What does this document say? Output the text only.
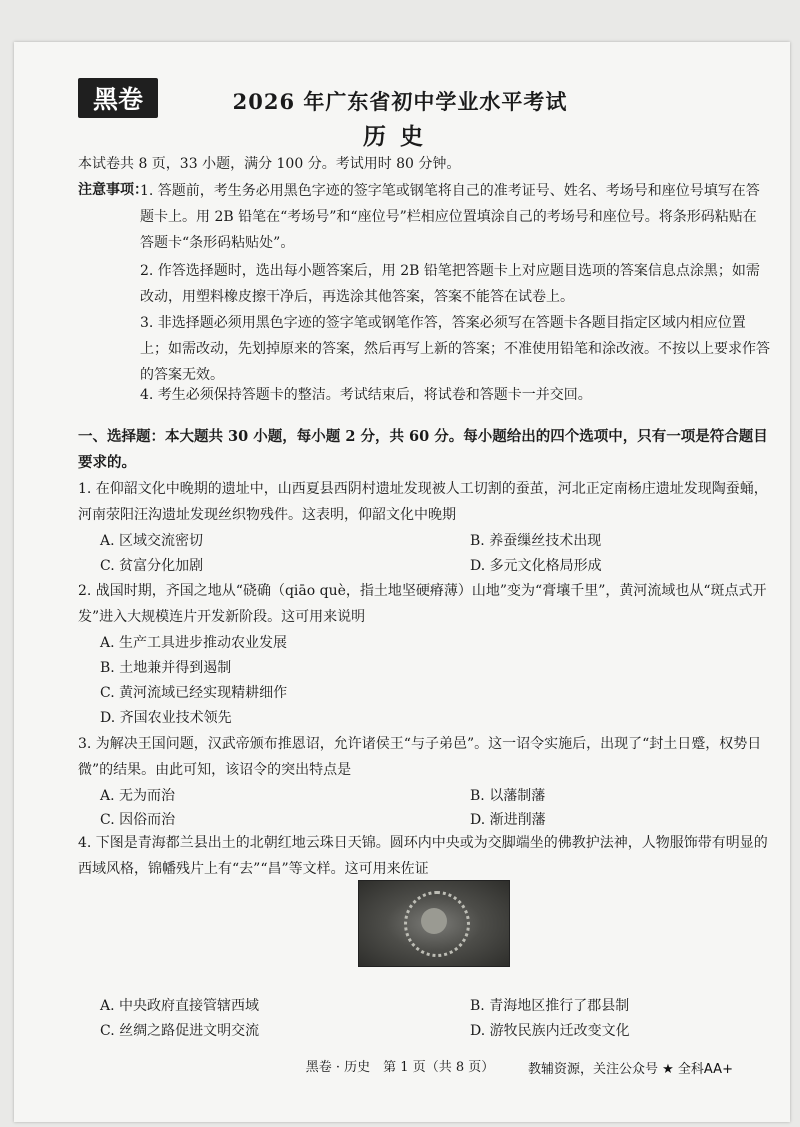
黑卷	2026 年广东省初中学业水平考试
历史
本试卷共 8 页，33 小题，满分 100 分。考试用时 80 分钟。
注意事项：
1. 答题前，考生务必用黑色字迹的签字笔或钢笔将自己的准考证号、姓名、考场号和座位号填写在答题卡上。用 2B 铅笔在“考场号”和“座位号”栏相应位置填涂自己的考场号和座位号。将条形码粘贴在答题卡“条形码粘贴处”。
2. 作答选择题时，选出每小题答案后，用 2B 铅笔把答题卡上对应题目选项的答案信息点涂黑；如需改动，用塑料橡皮擦干净后，再选涂其他答案，答案不能答在试卷上。
3. 非选择题必须用黑色字迹的签字笔或钢笔作答，答案必须写在答题卡各题目指定区域内相应位置上；如需改动，先划掉原来的答案，然后再写上新的答案；不准使用铅笔和涂改液。不按以上要求作答的答案无效。
4. 考生必须保持答题卡的整洁。考试结束后，将试卷和答题卡一并交回。
一、选择题：本大题共 30 小题，每小题 2 分，共 60 分。每小题给出的四个选项中，只有一项是符合题目要求的。
1. 在仰韶文化中晚期的遗址中，山西夏县西阴村遗址发现被人工切割的蚕茧，河北正定南杨庄遗址发现陶蚕蛹，河南荥阳汪沟遗址发现丝织物残件。这表明，仰韶文化中晚期
A. 区域交流密切	B. 养蚕缫丝技术出现
C. 贫富分化加剧	D. 多元文化格局形成
2. 战国时期，齐国之地从“硗确（qiāo què，指土地坚硬瘠薄）山地”变为“膏壤千里”，黄河流域也从“斑点式开发”进入大规模连片开发新阶段。这可用来说明
A. 生产工具进步推动农业发展
B. 土地兼并得到遏制
C. 黄河流域已经实现精耕细作
D. 齐国农业技术领先
3. 为解决王国问题，汉武帝颁布推恩诏，允许诸侯王“与子弟邑”。这一诏令实施后，出现了“封土日蹙，权势日微”的结果。由此可知，该诏令的突出特点是
A. 无为而治	B. 以藩制藩
C. 因俗而治	D. 渐进削藩
4. 下图是青海都兰县出土的北朝红地云珠日天锦。圆环内中央或为交脚端坐的佛教护法神，人物服饰带有明显的西域风格，锦幡残片上有“去”“昌”等文样。这可用来佐证
A. 中央政府直接管辖西域	B. 青海地区推行了郡县制
C. 丝绸之路促进文明交流	D. 游牧民族内迁改变文化
黑卷 · 历史　第 1 页（共 8 页）	教辅资源，关注公众号 ★ 全科AA+
